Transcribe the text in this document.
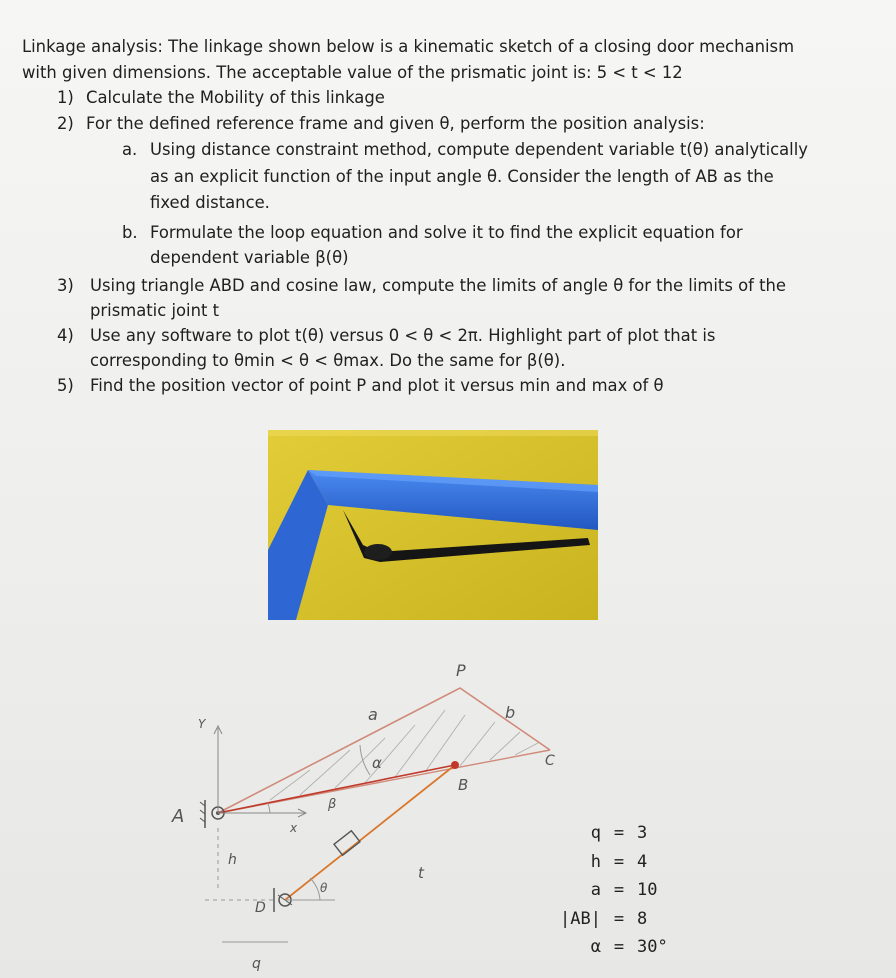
Linkage analysis: The linkage shown below is a kinematic sketch of a closing door mechanism
with given dimensions. The acceptable value of the prismatic joint is: 5 < t < 12
1) Calculate the Mobility of this linkage
2) For the defined reference frame and given θ, perform the position analysis:
a. Using distance constraint method, compute dependent variable t(θ) analytically
as an explicit function of the input angle θ. Consider the length of AB as the
fixed distance.
b. Formulate the loop equation and solve it to find the explicit equation for
dependent variable β(θ)
3) Using triangle ABD and cosine law, compute the limits of angle θ for the limits of the
prismatic joint t
4) Use any software to plot t(θ) versus 0 < θ < 2π. Highlight part of plot that is
corresponding to θmin < θ < θmax. Do the same for β(θ).
5) Find the position vector of point P and plot it versus min and max of θ
P
a	b
C
α
B
β
A
x
Y
h
t
D
θ
q
q = 3
h = 4
a = 10
|AB| = 8
α = 30°
